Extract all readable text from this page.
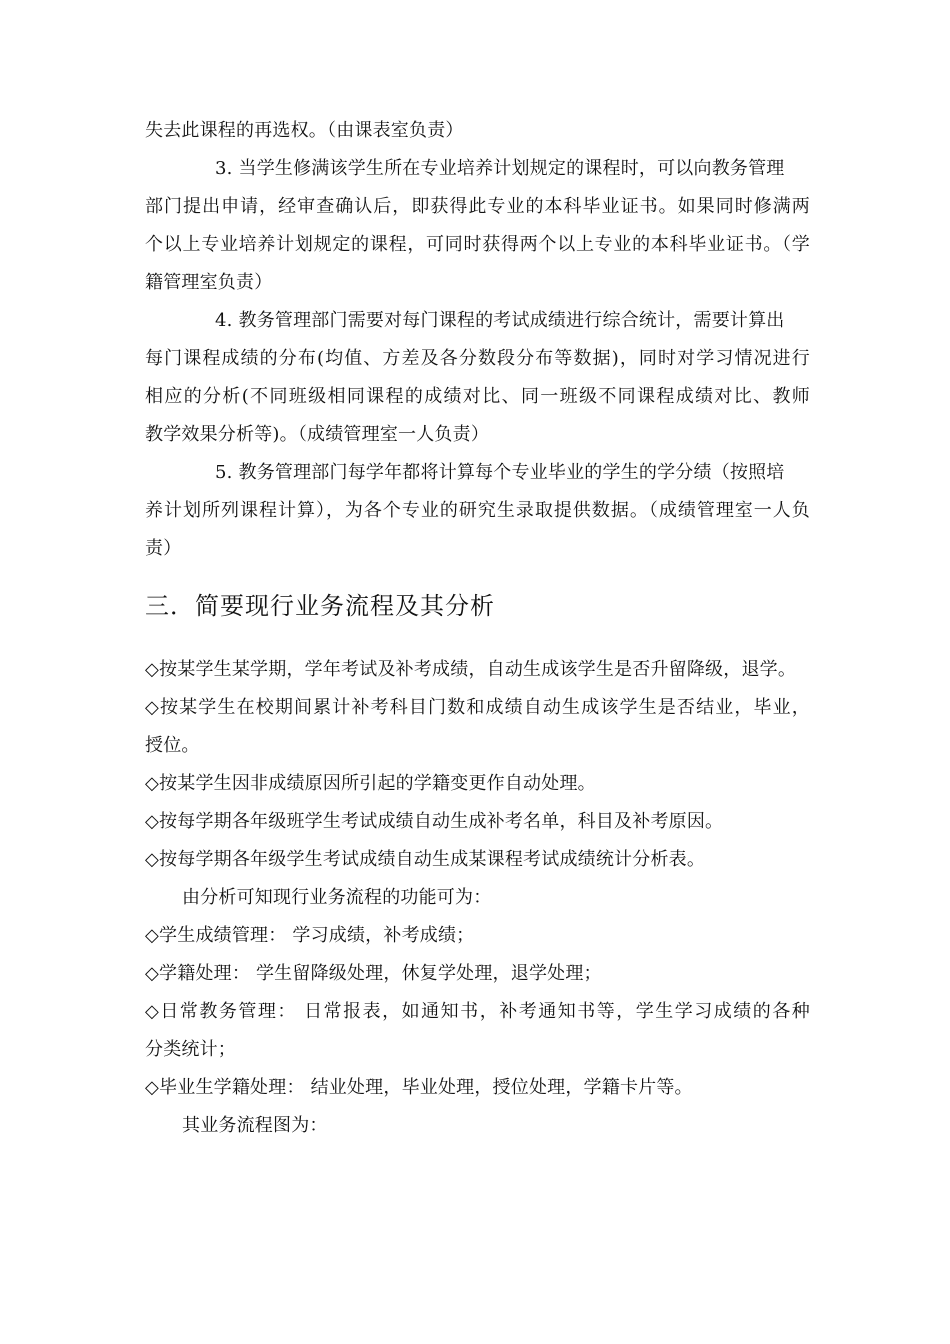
失去此课程的再选权。（由课表室负责）
3. 当学生修满该学生所在专业培养计划规定的课程时，可以向教务管理
部门提出申请，经审查确认后，即获得此专业的本科毕业证书。如果同时修满两
个以上专业培养计划规定的课程，可同时获得两个以上专业的本科毕业证书。（学
籍管理室负责）
4. 教务管理部门需要对每门课程的考试成绩进行综合统计，需要计算出
每门课程成绩的分布(均值、方差及各分数段分布等数据)，同时对学习情况进行
相应的分析(不同班级相同课程的成绩对比、同一班级不同课程成绩对比、教师
教学效果分析等)。（成绩管理室一人负责）
5. 教务管理部门每学年都将计算每个专业毕业的学生的学分绩（按照培
养计划所列课程计算），为各个专业的研究生录取提供数据。（成绩管理室一人负
责）
三．简要现行业务流程及其分析
◇按某学生某学期，学年考试及补考成绩，自动生成该学生是否升留降级，退学。
◇按某学生在校期间累计补考科目门数和成绩自动生成该学生是否结业，毕业，
授位。
◇按某学生因非成绩原因所引起的学籍变更作自动处理。
◇按每学期各年级班学生考试成绩自动生成补考名单，科目及补考原因。
◇按每学期各年级学生考试成绩自动生成某课程考试成绩统计分析表。
由分析可知现行业务流程的功能可为：
◇学生成绩管理： 学习成绩，补考成绩；
◇学籍处理： 学生留降级处理，休复学处理，退学处理；
◇日常教务管理： 日常报表，如通知书，补考通知书等，学生学习成绩的各种
分类统计；
◇毕业生学籍处理： 结业处理，毕业处理，授位处理，学籍卡片等。
其业务流程图为：
